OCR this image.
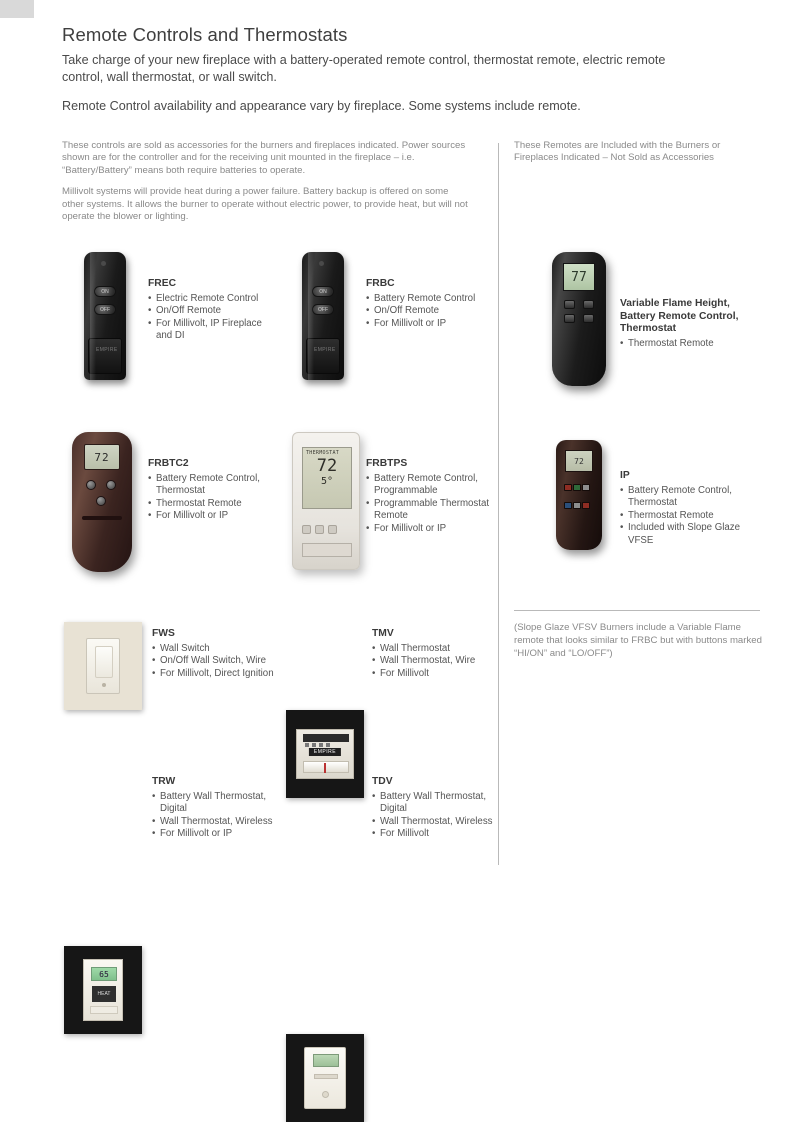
Remote Controls and Thermostats

Take charge of your new fireplace with a battery-operated remote control, thermostat remote, electric remote control, wall thermostat, or wall switch.

Remote Control availability and appearance vary by fireplace. Some systems include remote.

These controls are sold as accessories for the burners and fireplaces indicated. Power sources shown are for the controller and for the receiving unit mounted in the fireplace – i.e. “Battery/Battery” means both require batteries to operate.

Millivolt systems will provide heat during a power failure. Battery backup is offered on some other systems. It allows the burner to operate without electric power, to provide heat, but will not operate the blower or lighting.

These Remotes are Included with the Burners or Fireplaces Indicated – Not Sold as Accessories
(Slope Glaze VFSV Burners include a Variable Flame remote that looks similar to FRBC but with buttons marked “HI/ON” and “LO/OFF”)
ON
OFF
EMPIRE
FREC
• Electric Remote Control
• On/Off Remote
• For Millivolt, IP Fireplace and DI
ON
OFF
EMPIRE
FRBC
• Battery Remote Control
• On/Off Remote
• For Millivolt or IP
77
Variable Flame Height, Battery Remote Control, Thermostat
• Thermostat Remote
72	FRBTC2
• Battery Remote Control, Thermostat
• Thermostat Remote
• For Millivolt or IP
THERMOSTAT
72
5°
FRBTPS
• Battery Remote Control, Programmable
• Programmable Thermostat Remote
• For Millivolt or IP
72

IP
• Battery Remote Control, Thermostat
• Thermostat Remote
• Included with Slope Glaze VFSE
FWS
• Wall Switch
• On/Off Wall Switch, Wire
• For Millivolt, Direct Ignition
EMPIRE
TMV
• Wall Thermostat
• Wall Thermostat, Wire
• For Millivolt
65
HEAT
TRW
• Battery Wall Thermostat, Digital
• Wall Thermostat, Wireless
• For Millivolt or IP
TDV
• Battery Wall Thermostat, Digital
• Wall Thermostat, Wireless
• For Millivolt
